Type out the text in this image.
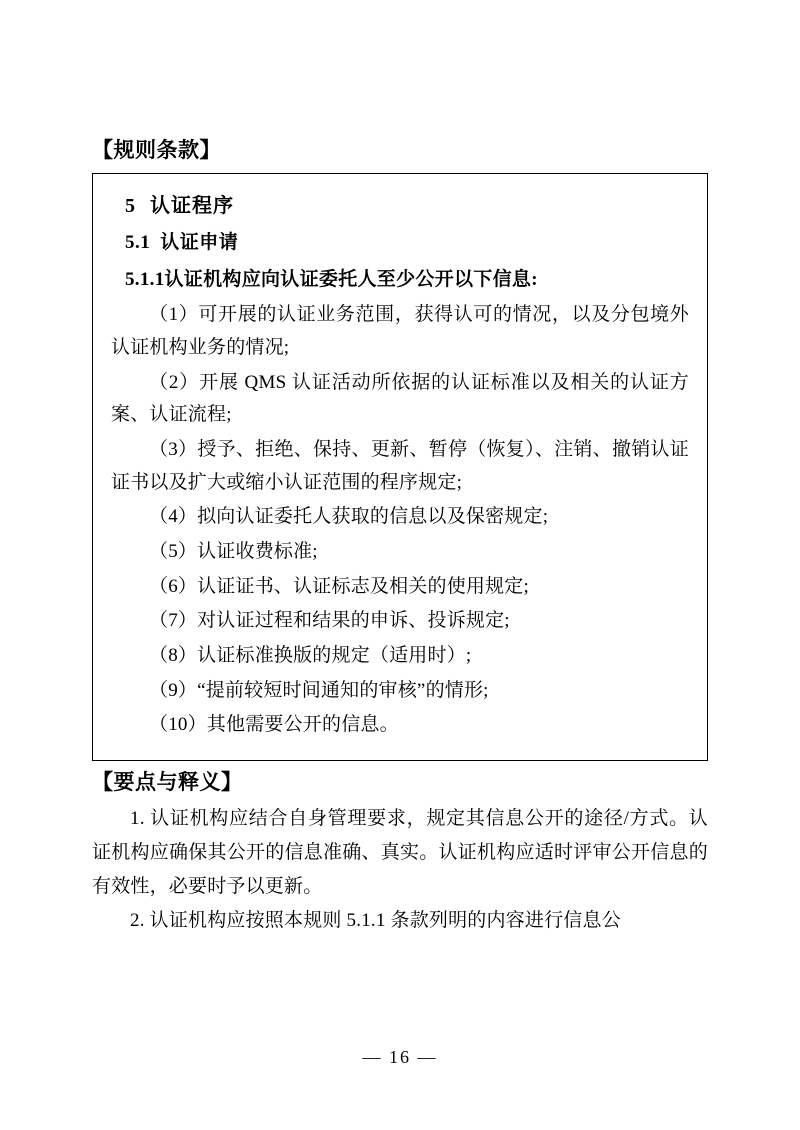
【规则条款】
5 认证程序
5.1 认证申请
5.1.1认证机构应向认证委托人至少公开以下信息:

（1）可开展的认证业务范围，获得认可的情况，以及分包境外认证机构业务的情况;

（2）开展 QMS 认证活动所依据的认证标准以及相关的认证方案、认证流程;

（3）授予、拒绝、保持、更新、暂停（恢复）、注销、撤销认证证书以及扩大或缩小认证范围的程序规定;

（4）拟向认证委托人获取的信息以及保密规定;

（5）认证收费标准;

（6）认证证书、认证标志及相关的使用规定;

（7）对认证过程和结果的申诉、投诉规定;

（8）认证标准换版的规定（适用时）;

（9）“提前较短时间通知的审核”的情形;

（10）其他需要公开的信息。

【要点与释义】

1. 认证机构应结合自身管理要求，规定其信息公开的途径/方式。认证机构应确保其公开的信息准确、真实。认证机构应适时评审公开信息的有效性，必要时予以更新。

2. 认证机构应按照本规则 5.1.1 条款列明的内容进行信息公

— 16 —
